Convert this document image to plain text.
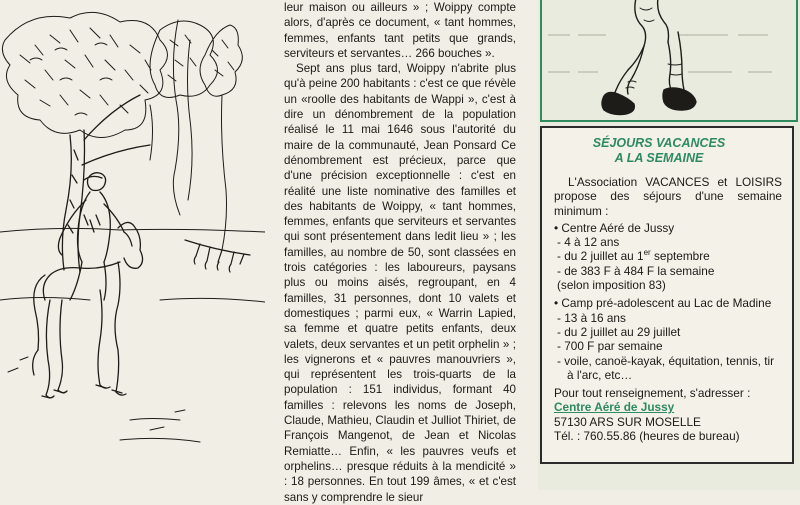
leur maison ou ailleurs » ; Woippy compte alors, d'après ce document, « tant hommes, femmes, enfants tant petits que grands, serviteurs et servantes… 266 bouches ».

Sept ans plus tard, Woippy n'abrite plus qu'à peine 200 habitants : c'est ce que révèle un «roolle des habitants de Wappi », c'est à dire un dénombrement de la population réalisé le 11 mai 1646 sous l'autorité du maire de la communauté, Jean Ponsard Ce dénombrement est précieux, parce que d'une précision exceptionnelle : c'est en réalité une liste nominative des familles et des habitants de Woippy, « tant hommes, femmes, enfants que serviteurs et servantes qui sont présentement dans ledit lieu » ; les familles, au nombre de 50, sont classées en trois catégories : les laboureurs, paysans plus ou moins aisés, regroupant, en 4 familles, 31 personnes, dont 10 valets et domestiques ; parmi eux, « Warrin Lapied, sa femme et quatre petits enfants, deux valets, deux servantes et un petit orphelin » ; les vignerons et « pauvres manouvriers », qui représentent les trois-quarts de la population : 151 individus, formant 40 familles : relevons les noms de Joseph, Claude, Mathieu, Claudin et Julliot Thiriet, de François Mangenot, de Jean et Nicolas Remiatte… Enfin, « les pauvres veufs et orphelins… presque réduits à la mendicité » : 18 personnes. En tout 199 âmes, « et c'est sans y comprendre le sieur

SÉJOURS VACANCES
A LA SEMAINE

L'Association VACANCES et LOISIRS propose des séjours d'une semaine minimum :

• Centre Aéré de Jussy

- 4 à 12 ans

- du 2 juillet au 1er septembre

- de 383 F à 484 F la semaine

(selon imposition 83)

• Camp pré-adolescent au Lac de Madine

- 13 à 16 ans

- du 2 juillet au 29 juillet

- 700 F par semaine

- voile, canoë-kayak, équitation, tennis, tir à l'arc, etc…

Pour tout renseignement, s'adresser :

Centre Aéré de Jussy

57130 ARS SUR MOSELLE

Tél. : 760.55.86 (heures de bureau)
